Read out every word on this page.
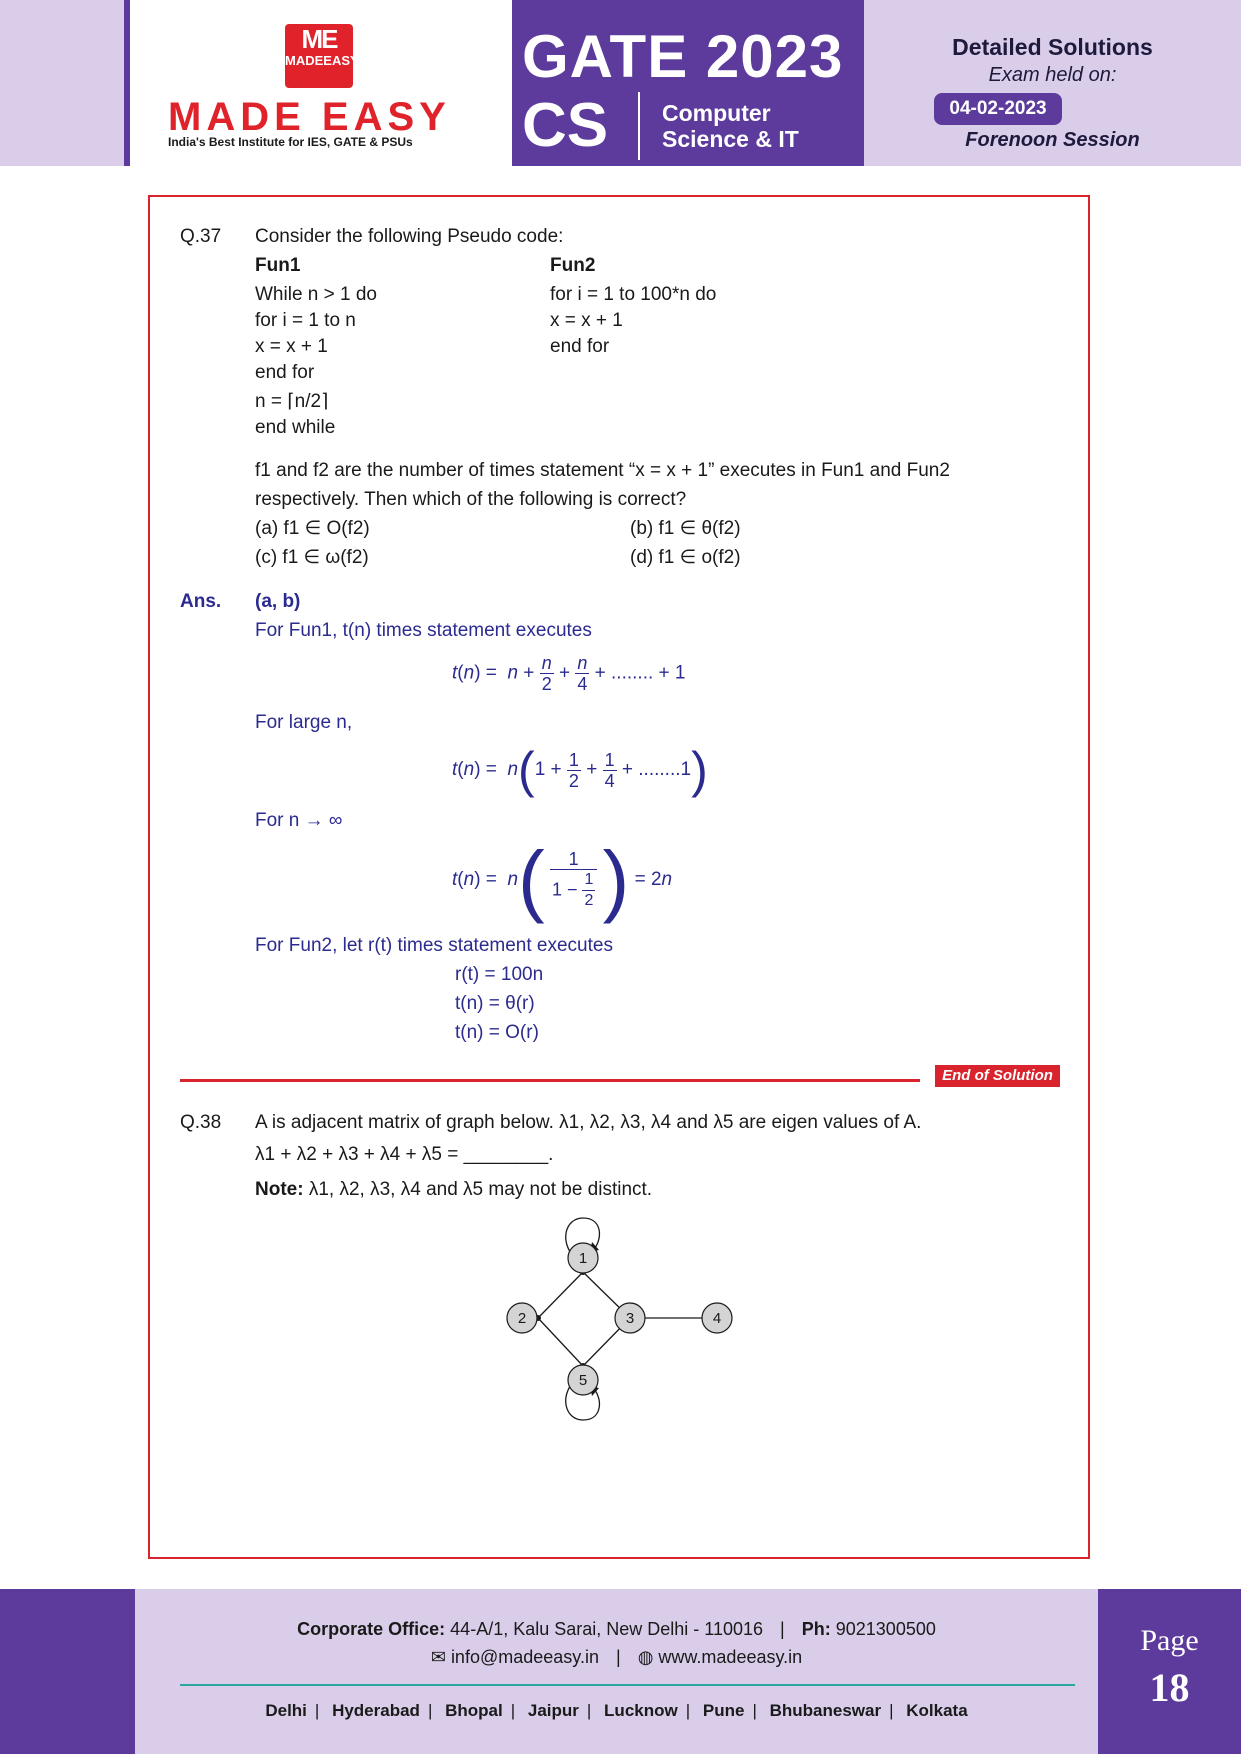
ME
MADEEASY
MADE EASY
India's Best Institute for IES, GATE & PSUs
GATE 2023
CS Computer
Science & IT
Detailed Solutions
Exam held on:
04-02-2023
Forenoon Session
Q.37 Consider the following Pseudo code:
Fun1	Fun2
While n > 1 do
for i = 1 to n
x = x + 1
end for
n = ⌈n/2⌉
end while
for i = 1 to 100*n do
x = x + 1
end for
f1 and f2 are the number of times statement “x = x + 1” executes in Fun1 and Fun2
respectively. Then which of the following is correct?
(a) f1 ∈ O(f2)	(b) f1 ∈ θ(f2)
(c) f1 ∈ ω(f2)	(d) f1 ∈ o(f2)
Ans. (a, b)
For Fun1, t(n) times statement executes
$t(n) = n + \frac{n}{2} + \frac{n}{4}$ + ........ + 1
For large n,
$t(n) = n(1 + \frac{1}{2} + \frac{1}{4} + ........1)$
For n → ∞
$t(n) = n( \frac{1}{1 - \frac{1}{2}}$ ) = 2n
For Fun2, let r(t) times statement executes
r(t) = 100n
t(n) = θ(r)
t(n) = O(r)
End of Solution
Q.38 A is adjacent matrix of graph below. λ1, λ2, λ3, λ4 and λ5 are eigen values of A.
λ1 + λ2 + λ3 + λ4 + λ5 = ________.
Note: λ1, λ2, λ3, λ4 and λ5 may not be distinct.
1
2	3	4
5
Page
18
Corporate Office: 44-A/1, Kalu Sarai, New Delhi - 110016 | Ph: 9021300500
✉ info@madeeasy.in | ◍ www.madeeasy.in
Delhi | Hyderabad | Bhopal | Jaipur | Lucknow | Pune | Bhubaneswar | Kolkata
